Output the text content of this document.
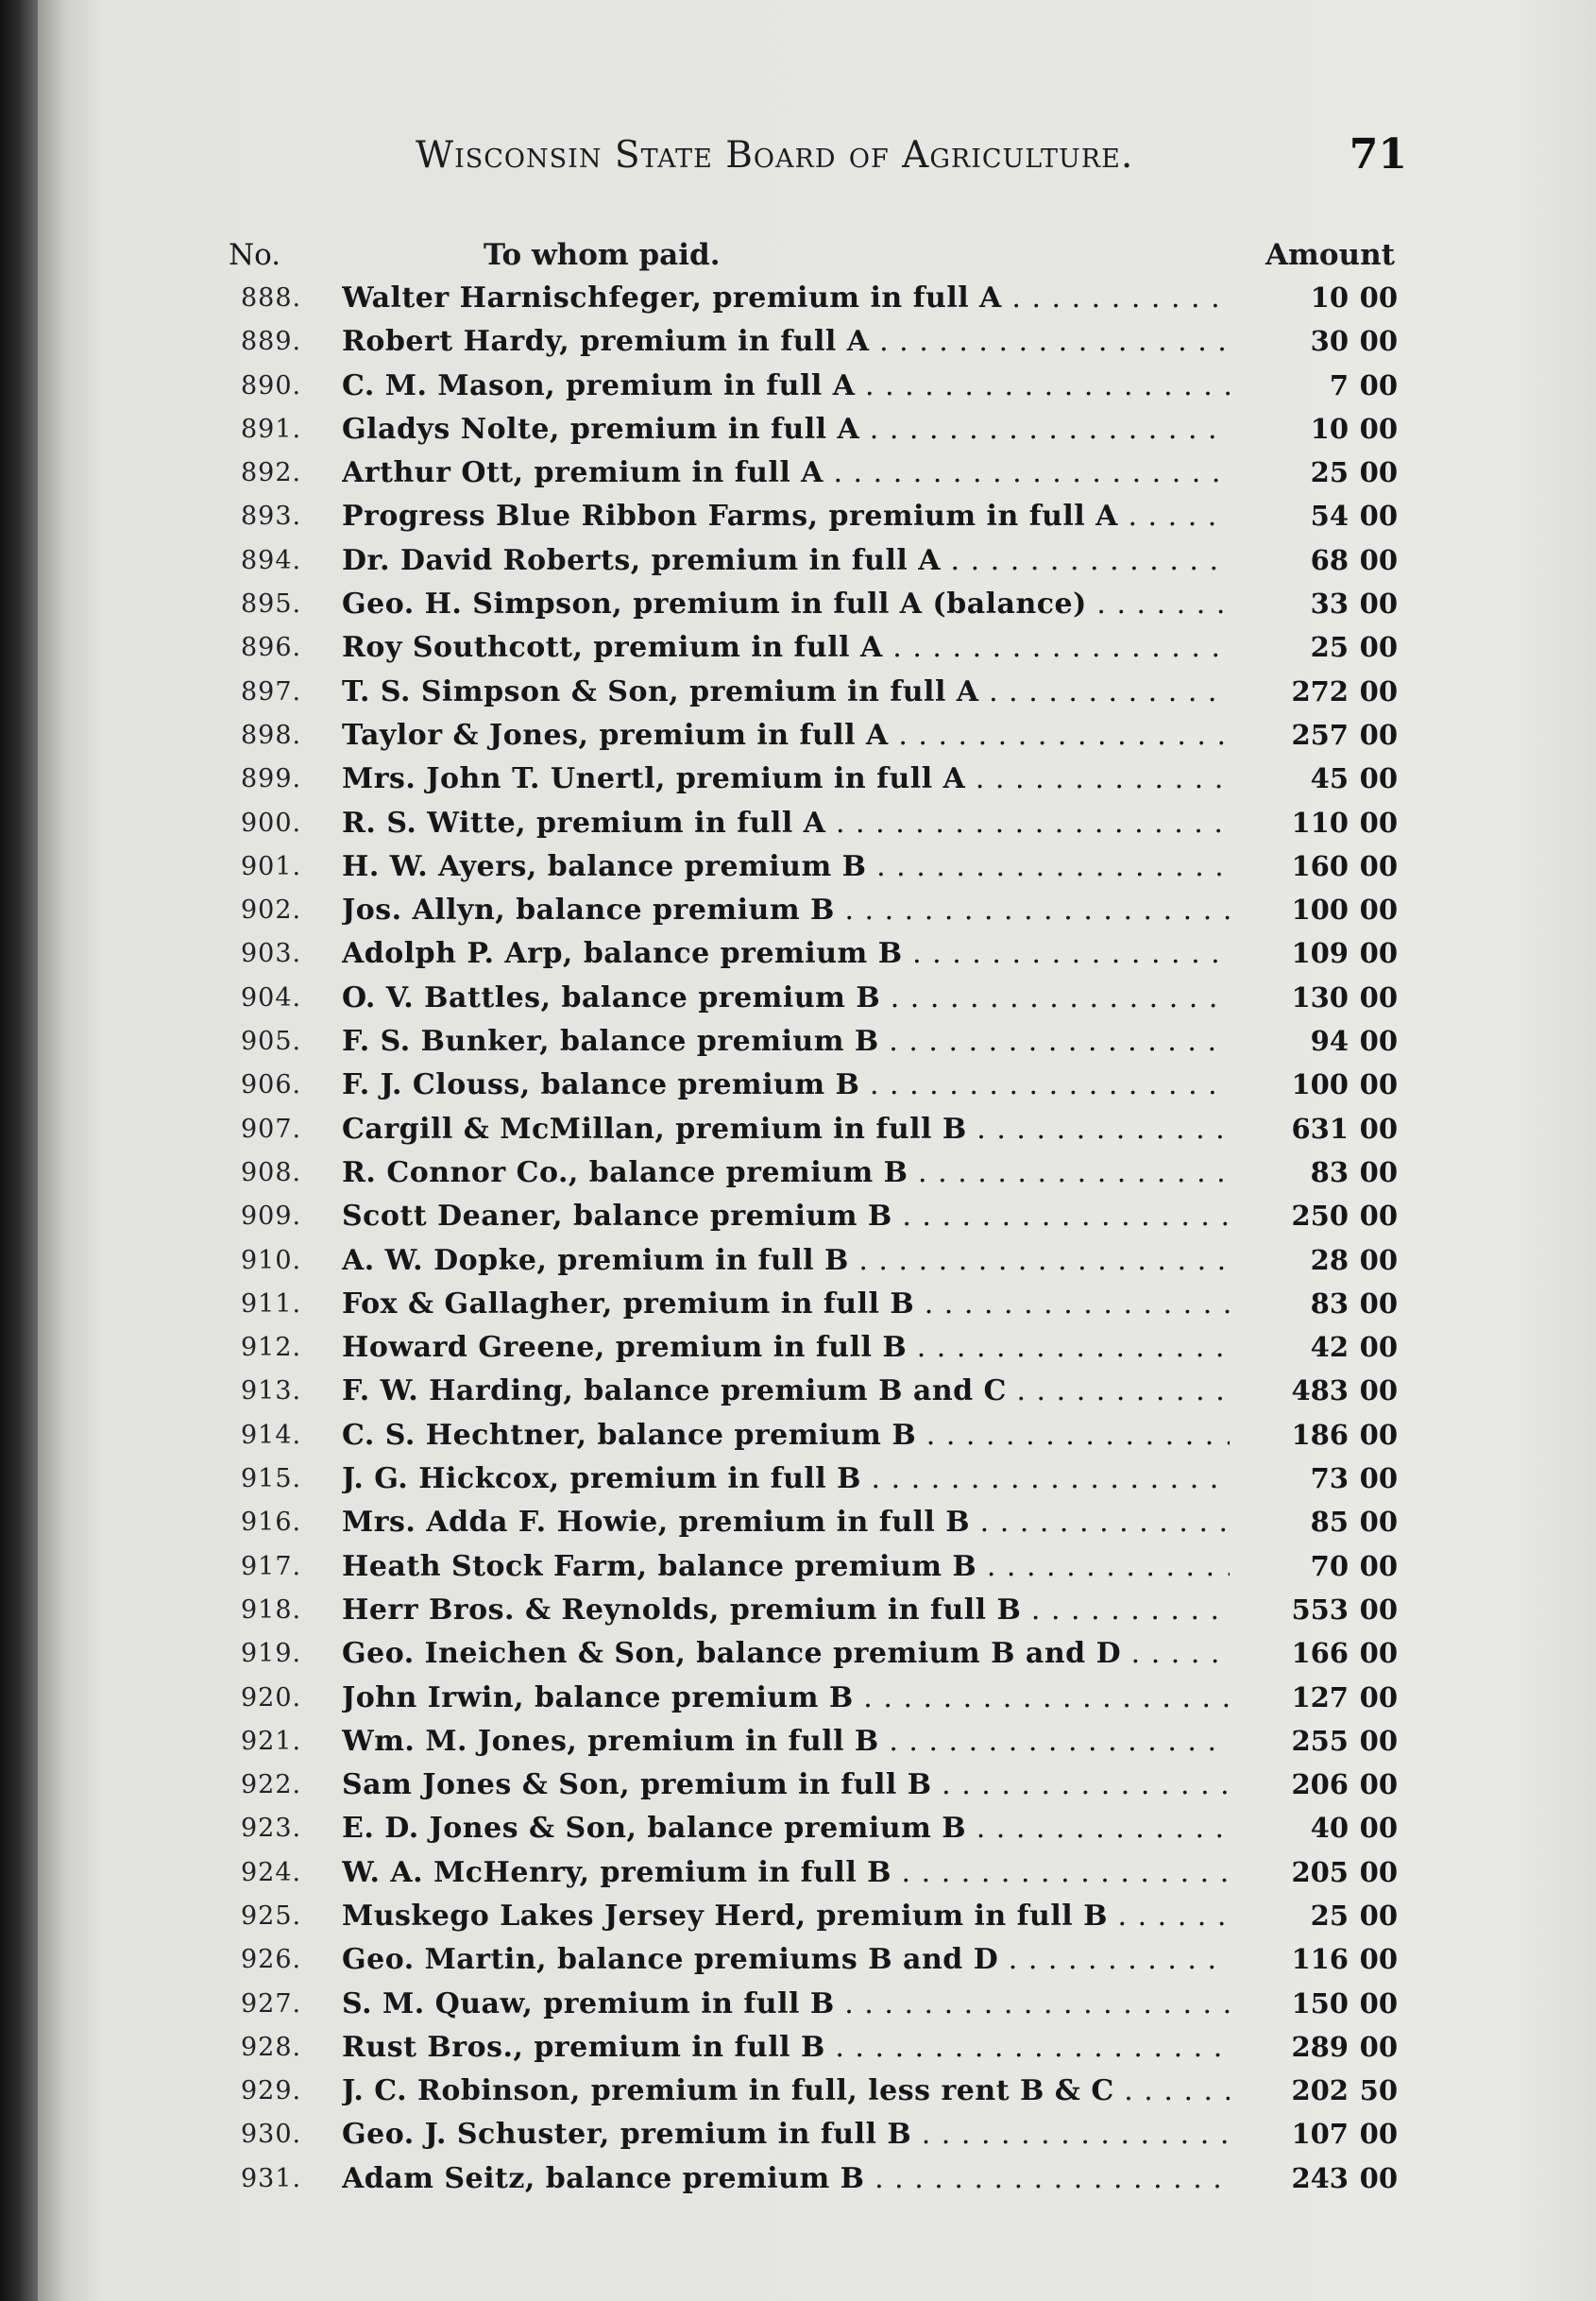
Wisconsin State Board of Agriculture.	71
No.	To whom paid.	Amount
888. Walter Harnischfeger, premium in full A . . .	10 00
889. Robert Hardy, premium in full A . . .	30 00
890. C. M. Mason, premium in full A . . .	7 00
891. Gladys Nolte, premium in full A . . .	10 00
892. Arthur Ott, premium in full A . . .	25 00
893. Progress Blue Ribbon Farms, premium in full A . . .	54 00
894. Dr. David Roberts, premium in full A . . .	68 00
895. Geo. H. Simpson, premium in full A (balance) . . .	33 00
896. Roy Southcott, premium in full A . . .	25 00
897. T. S. Simpson & Son, premium in full A . . .	272 00
898. Taylor & Jones, premium in full A . . .	257 00
899. Mrs. John T. Unertl, premium in full A . . .	45 00
900. R. S. Witte, premium in full A . . .	110 00
901. H. W. Ayers, balance premium B . . .	160 00
902. Jos. Allyn, balance premium B . . .	100 00
903. Adolph P. Arp, balance premium B . . .	109 00
904. O. V. Battles, balance premium B . . .	130 00
905. F. S. Bunker, balance premium B . . .	94 00
906. F. J. Clouss, balance premium B . . .	100 00
907. Cargill & McMillan, premium in full B . . .	631 00
908. R. Connor Co., balance premium B . . .	83 00
909. Scott Deaner, balance premium B . . .	250 00
910. A. W. Dopke, premium in full B . . .	28 00
911. Fox & Gallagher, premium in full B . . .	83 00
912. Howard Greene, premium in full B . . .	42 00
913. F. W. Harding, balance premium B and C . . .	483 00
914. C. S. Hechtner, balance premium B . . .	186 00
915. J. G. Hickcox, premium in full B . . .	73 00
916. Mrs. Adda F. Howie, premium in full B . . .	85 00
917. Heath Stock Farm, balance premium B . . .	70 00
918. Herr Bros. & Reynolds, premium in full B . . .	553 00
919. Geo. Ineichen & Son, balance premium B and D . . .	166 00
920. John Irwin, balance premium B . . .	127 00
921. Wm. M. Jones, premium in full B . . .	255 00
922. Sam Jones & Son, premium in full B . . .	206 00
923. E. D. Jones & Son, balance premium B . . .	40 00
924. W. A. McHenry, premium in full B . . .	205 00
925. Muskego Lakes Jersey Herd, premium in full B . . .	25 00
926. Geo. Martin, balance premiums B and D . . .	116 00
927. S. M. Quaw, premium in full B . . .	150 00
928. Rust Bros., premium in full B . . .	289 00
929. J. C. Robinson, premium in full, less rent B & C . . .	202 50
930. Geo. J. Schuster, premium in full B . . .	107 00
931. Adam Seitz, balance premium B . . .	243 00
